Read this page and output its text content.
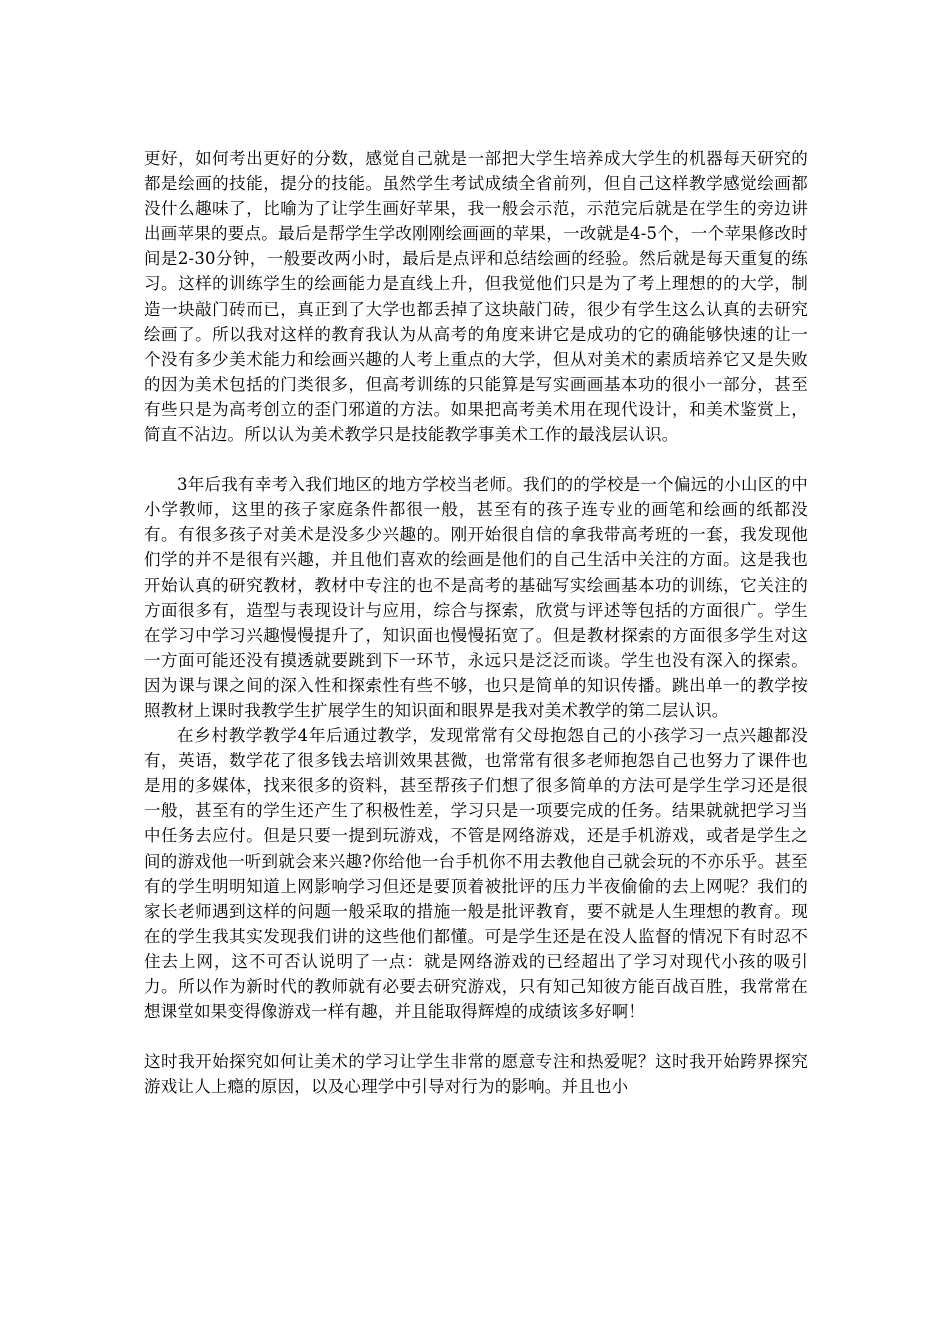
更好，如何考出更好的分数，感觉自己就是一部把大学生培养成大学生的机器每天研究的都是绘画的技能，提分的技能。虽然学生考试成绩全省前列，但自己这样教学感觉绘画都没什么趣味了，比喻为了让学生画好苹果，我一般会示范，示范完后就是在学生的旁边讲出画苹果的要点。最后是帮学生学改刚刚绘画画的苹果，一改就是4-5个，一个苹果修改时间是2-30分钟，一般要改两小时，最后是点评和总结绘画的经验。然后就是每天重复的练习。这样的训练学生的绘画能力是直线上升，但我觉他们只是为了考上理想的的大学，制造一块敲门砖而已，真正到了大学也都丢掉了这块敲门砖，很少有学生这么认真的去研究绘画了。所以我对这样的教育我认为从高考的角度来讲它是成功的它的确能够快速的让一个没有多少美术能力和绘画兴趣的人考上重点的大学，但从对美术的素质培养它又是失败的因为美术包括的门类很多，但高考训练的只能算是写实画画基本功的很小一部分，甚至有些只是为高考创立的歪门邪道的方法。如果把高考美术用在现代设计，和美术鉴赏上，简直不沾边。所以认为美术教学只是技能教学事美术工作的最浅层认识。

3年后我有幸考入我们地区的地方学校当老师。我们的的学校是一个偏远的小山区的中小学教师，这里的孩子家庭条件都很一般，甚至有的孩子连专业的画笔和绘画的纸都没有。有很多孩子对美术是没多少兴趣的。刚开始很自信的拿我带高考班的一套，我发现他们学的并不是很有兴趣，并且他们喜欢的绘画是他们的自己生活中关注的方面。这是我也开始认真的研究教材，教材中专注的也不是高考的基础写实绘画基本功的训练，它关注的方面很多有，造型与表现设计与应用，综合与探索，欣赏与评述等包括的方面很广。学生在学习中学习兴趣慢慢提升了，知识面也慢慢拓宽了。但是教材探索的方面很多学生对这一方面可能还没有摸透就要跳到下一环节，永远只是泛泛而谈。学生也没有深入的探索。因为课与课之间的深入性和探索性有些不够，也只是简单的知识传播。跳出单一的教学按照教材上课时我教学生扩展学生的知识面和眼界是我对美术教学的第二层认识。

在乡村教学教学4年后通过教学，发现常常有父母抱怨自己的小孩学习一点兴趣都没有，英语，数学花了很多钱去培训效果甚微，也常常有很多老师抱怨自己也努力了课件也是用的多媒体，找来很多的资料，甚至帮孩子们想了很多简单的方法可是学生学习还是很一般，甚至有的学生还产生了积极性差，学习只是一项要完成的任务。结果就就把学习当中任务去应付。但是只要一提到玩游戏，不管是网络游戏，还是手机游戏，或者是学生之间的游戏他一听到就会来兴趣?你给他一台手机你不用去教他自己就会玩的不亦乐乎。甚至有的学生明明知道上网影响学习但还是要顶着被批评的压力半夜偷偷的去上网呢？我们的家长老师遇到这样的问题一般采取的措施一般是批评教育，要不就是人生理想的教育。现在的学生我其实发现我们讲的这些他们都懂。可是学生还是在没人监督的情况下有时忍不住去上网，这不可否认说明了一点：就是网络游戏的已经超出了学习对现代小孩的吸引力。所以作为新时代的教师就有必要去研究游戏，只有知己知彼方能百战百胜，我常常在想课堂如果变得像游戏一样有趣，并且能取得辉煌的成绩该多好啊！

这时我开始探究如何让美术的学习让学生非常的愿意专注和热爱呢？这时我开始跨界探究游戏让人上瘾的原因，以及心理学中引导对行为的影响。并且也小
